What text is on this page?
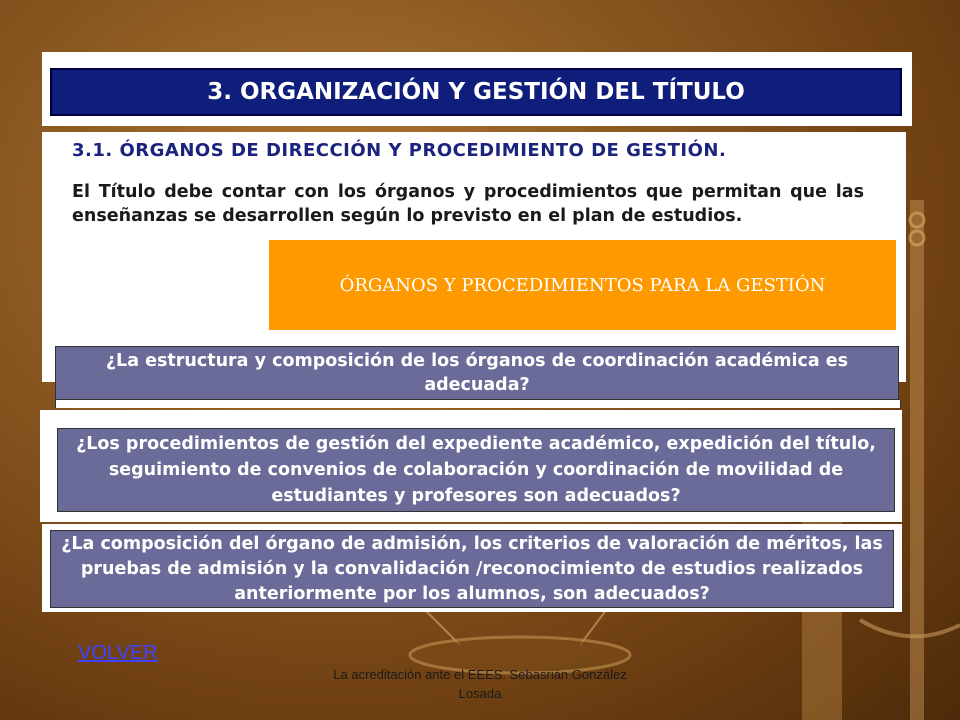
3. ORGANIZACIÓN Y GESTIÓN DEL TÍTULO
3.1. ÓRGANOS DE DIRECCIÓN Y PROCEDIMIENTO DE GESTIÓN.
El Título debe contar con los órganos y procedimientos que permitan que las enseñanzas se desarrollen según lo previsto en el plan de estudios.
ÓRGANOS Y PROCEDIMIENTOS PARA LA GESTIÓN
¿La estructura y composición de los órganos de coordinación académica es adecuada?
¿Los procedimientos de gestión del expediente académico, expedición del título, seguimiento de convenios de colaboración y coordinación de movilidad de estudiantes y profesores son adecuados?
¿La composición del órgano de admisión, los criterios de valoración de méritos, las pruebas de admisión y la convalidación /reconocimiento de estudios realizados anteriormente por los alumnos, son adecuados?
VOLVER
La acreditación ante el EEES. Sebasrián González Losada
